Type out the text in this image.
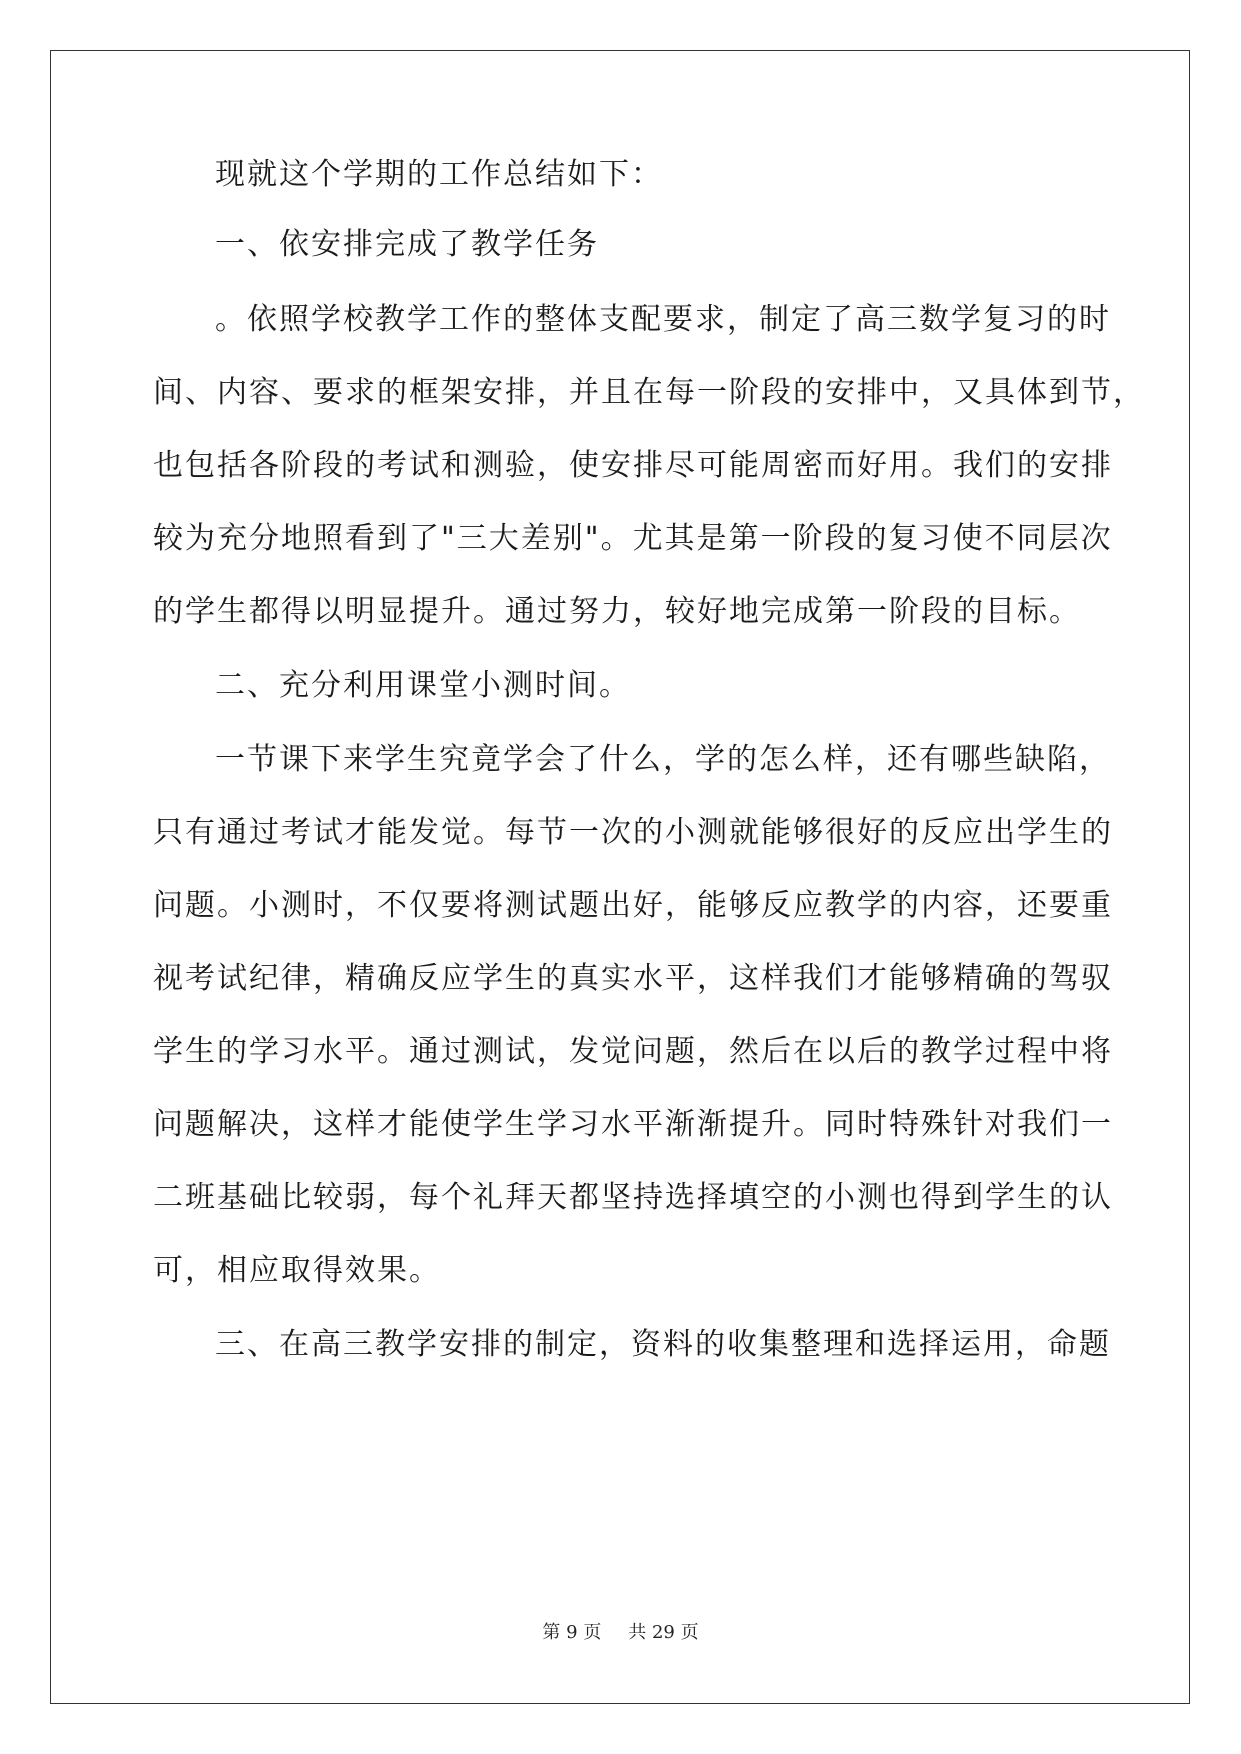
现就这个学期的工作总结如下：
一、依安排完成了教学任务
。依照学校教学工作的整体支配要求，制定了高三数学复习的时
间、内容、要求的框架安排，并且在每一阶段的安排中，又具体到节，
也包括各阶段的考试和测验，使安排尽可能周密而好用。我们的安排
较为充分地照看到了"三大差别"。尤其是第一阶段的复习使不同层次
的学生都得以明显提升。通过努力，较好地完成第一阶段的目标。
二、充分利用课堂小测时间。
一节课下来学生究竟学会了什么，学的怎么样，还有哪些缺陷，
只有通过考试才能发觉。每节一次的小测就能够很好的反应出学生的
问题。小测时，不仅要将测试题出好，能够反应教学的内容，还要重
视考试纪律，精确反应学生的真实水平，这样我们才能够精确的驾驭
学生的学习水平。通过测试，发觉问题，然后在以后的教学过程中将
问题解决，这样才能使学生学习水平渐渐提升。同时特殊针对我们一
二班基础比较弱，每个礼拜天都坚持选择填空的小测也得到学生的认
可，相应取得效果。
三、在高三教学安排的制定，资料的收集整理和选择运用，命题
第 9 页 共 29 页
